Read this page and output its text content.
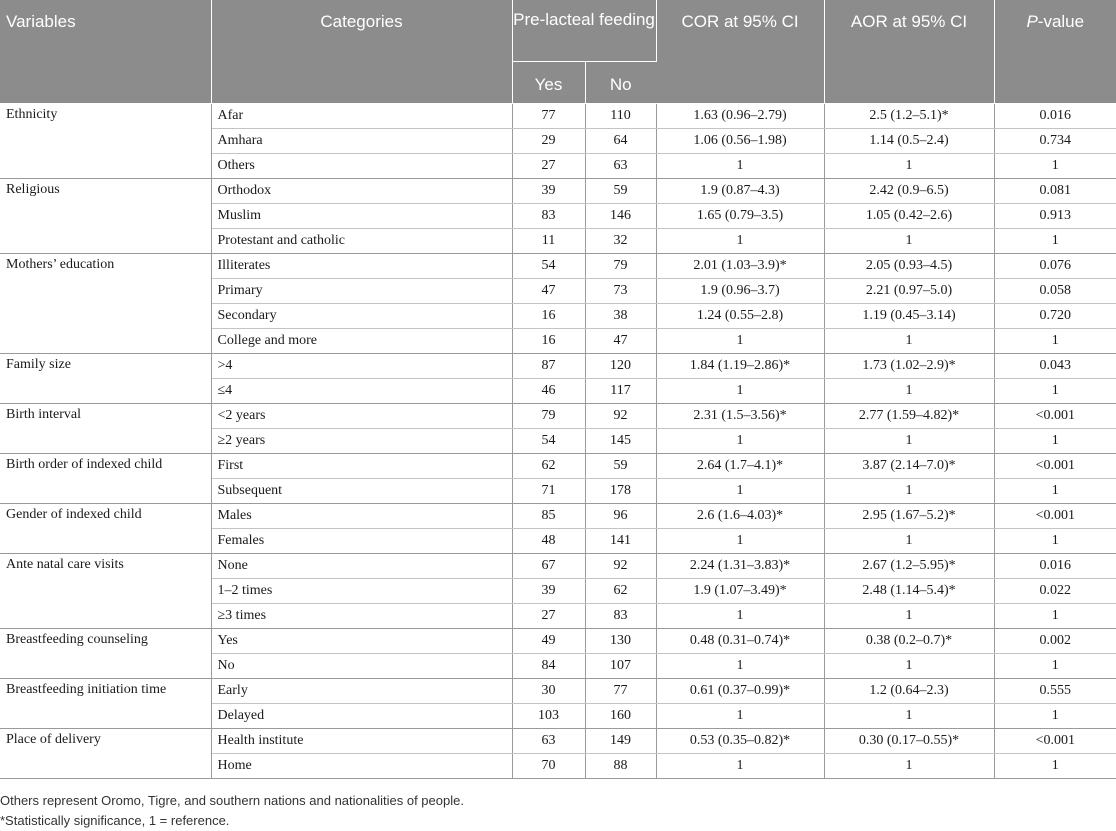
Variables	Categories	Pre-lacteal feeding		COR at 95% CI	AOR at 95% CI	P-value
		Yes	No			
Ethnicity	Afar	77	110	1.63 (0.96–2.79)	2.5 (1.2–5.1)*	0.016
	Amhara	29	64	1.06 (0.56–1.98)	1.14 (0.5–2.4)	0.734
	Others	27	63	1	1	1
Religious	Orthodox	39	59	1.9 (0.87–4.3)	2.42 (0.9–6.5)	0.081
	Muslim	83	146	1.65 (0.79–3.5)	1.05 (0.42–2.6)	0.913
	Protestant and catholic	11	32	1	1	1
Mothers’ education	Illiterates	54	79	2.01 (1.03–3.9)*	2.05 (0.93–4.5)	0.076
	Primary	47	73	1.9 (0.96–3.7)	2.21 (0.97–5.0)	0.058
	Secondary	16	38	1.24 (0.55–2.8)	1.19 (0.45–3.14)	0.720
	College and more	16	47	1	1	1
Family size	>4	87	120	1.84 (1.19–2.86)*	1.73 (1.02–2.9)*	0.043
	≤4	46	117	1	1	1
Birth interval	<2 years	79	92	2.31 (1.5–3.56)*	2.77 (1.59–4.82)*	<0.001
	≥2 years	54	145	1	1	1
Birth order of indexed child	First	62	59	2.64 (1.7–4.1)*	3.87 (2.14–7.0)*	<0.001
	Subsequent	71	178	1	1	1
Gender of indexed child	Males	85	96	2.6 (1.6–4.03)*	2.95 (1.67–5.2)*	<0.001
	Females	48	141	1	1	1
Ante natal care visits	None	67	92	2.24 (1.31–3.83)*	2.67 (1.2–5.95)*	0.016
	1–2 times	39	62	1.9 (1.07–3.49)*	2.48 (1.14–5.4)*	0.022
	≥3 times	27	83	1	1	1
Breastfeeding counseling	Yes	49	130	0.48 (0.31–0.74)*	0.38 (0.2–0.7)*	0.002
	No	84	107	1	1	1
Breastfeeding initiation time	Early	30	77	0.61 (0.37–0.99)*	1.2 (0.64–2.3)	0.555
	Delayed	103	160	1	1	1
Place of delivery	Health institute	63	149	0.53 (0.35–0.82)*	0.30 (0.17–0.55)*	<0.001
	Home	70	88	1	1	1
Others represent Oromo, Tigre, and southern nations and nationalities of people.
*Statistically significance, 1 = reference.
